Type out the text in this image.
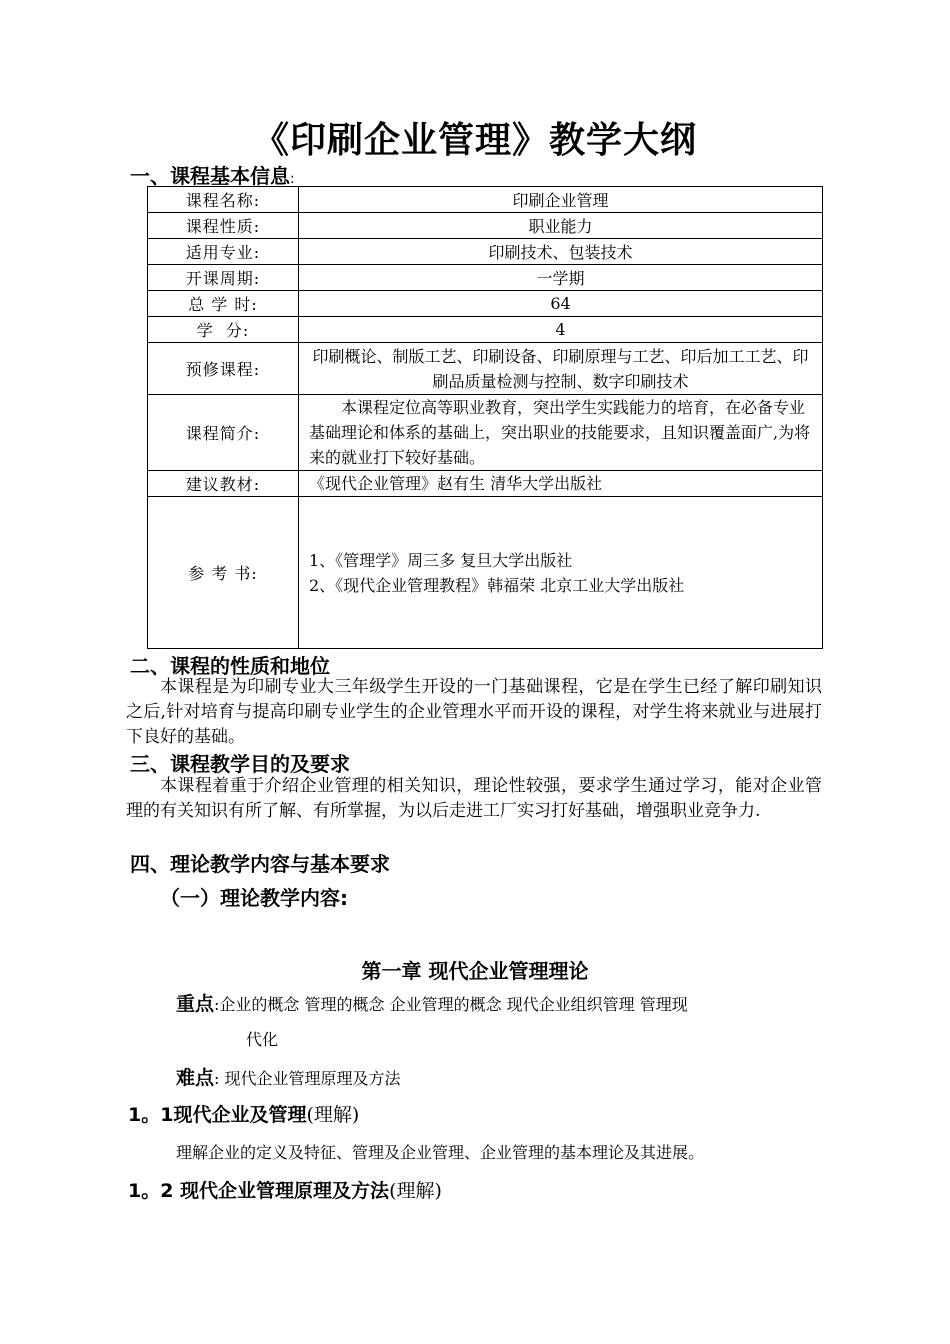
《印刷企业管理》教学大纲
一、课程基本信息:
课程名称:	印刷企业管理
课程性质:	职业能力
适用专业:	印刷技术、包装技术
开课周期:	一学期
总 学 时:	64
学  分:	4
预修课程:	印刷概论、制版工艺、印刷设备、印刷原理与工艺、印后加工工艺、印刷品质量检测与控制、数字印刷技术
课程简介:	本课程定位高等职业教育，突出学生实践能力的培育，在必备专业基础理论和体系的基础上，突出职业的技能要求，且知识覆盖面广,为将来的就业打下较好基础。
建议教材:	《现代企业管理》赵有生 清华大学出版社
参 考 书:	1、《管理学》周三多 复旦大学出版社
2、《现代企业管理教程》韩福荣 北京工业大学出版社
二、课程的性质和地位
本课程是为印刷专业大三年级学生开设的一门基础课程，它是在学生已经了解印刷知识之后,针对培育与提高印刷专业学生的企业管理水平而开设的课程，对学生将来就业与进展打下良好的基础。
三、课程教学目的及要求
本课程着重于介绍企业管理的相关知识，理论性较强，要求学生通过学习，能对企业管理的有关知识有所了解、有所掌握，为以后走进工厂实习打好基础，增强职业竞争力.
四、理论教学内容与基本要求
（一）理论教学内容:
第一章 现代企业管理理论
重点:企业的概念 管理的概念 企业管理的概念 现代企业组织管理 管理现
代化
难点: 现代企业管理原理及方法
1。1现代企业及管理(理解)
理解企业的定义及特征、管理及企业管理、企业管理的基本理论及其进展。
1。2 现代企业管理原理及方法(理解)
